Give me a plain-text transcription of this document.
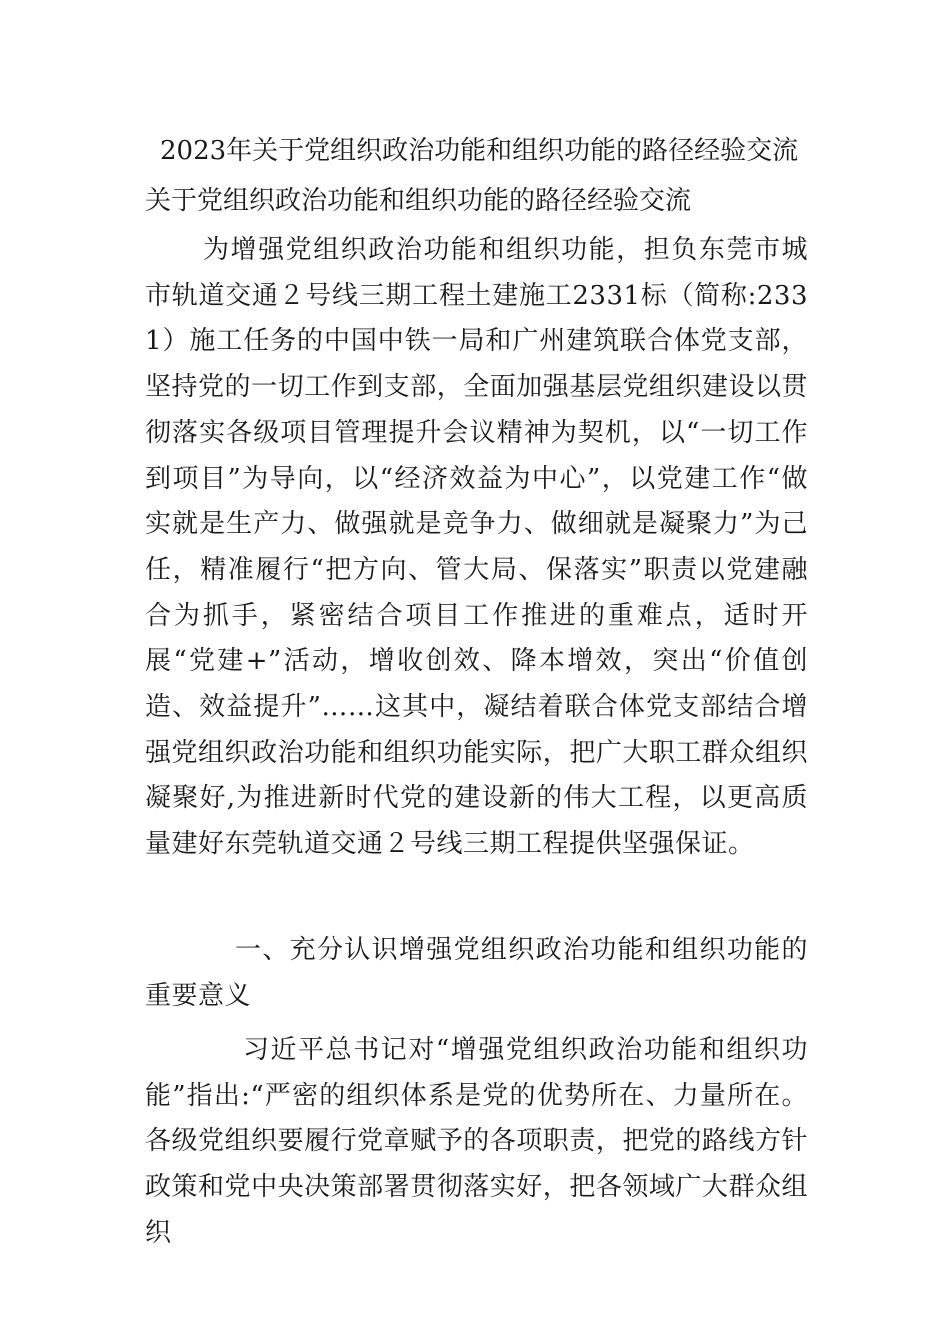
2023年关于党组织政治功能和组织功能的路径经验交流
关于党组织政治功能和组织功能的路径经验交流
为增强党组织政治功能和组织功能，担负东莞市城市轨道交通２号线三期工程土建施工2331标（简称:2331）施工任务的中国中铁一局和广州建筑联合体党支部，坚持党的一切工作到支部，全面加强基层党组织建设以贯彻落实各级项目管理提升会议精神为契机，以“一切工作到项目”为导向，以“经济效益为中心”，以党建工作“做实就是生产力、做强就是竞争力、做细就是凝聚力”为己任，精准履行“把方向、管大局、保落实”职责以党建融合为抓手，紧密结合项目工作推进的重难点，适时开展“党建+”活动，增收创效、降本增效，突出“价值创造、效益提升”……这其中，凝结着联合体党支部结合增强党组织政治功能和组织功能实际，把广大职工群众组织凝聚好,为推进新时代党的建设新的伟大工程，以更高质量建好东莞轨道交通２号线三期工程提供坚强保证。
一、充分认识增强党组织政治功能和组织功能的重要意义
习近平总书记对“增强党组织政治功能和组织功能”指出:“严密的组织体系是党的优势所在、力量所在。各级党组织要履行党章赋予的各项职责，把党的路线方针政策和党中央决策部署贯彻落实好，把各领域广大群众组织
